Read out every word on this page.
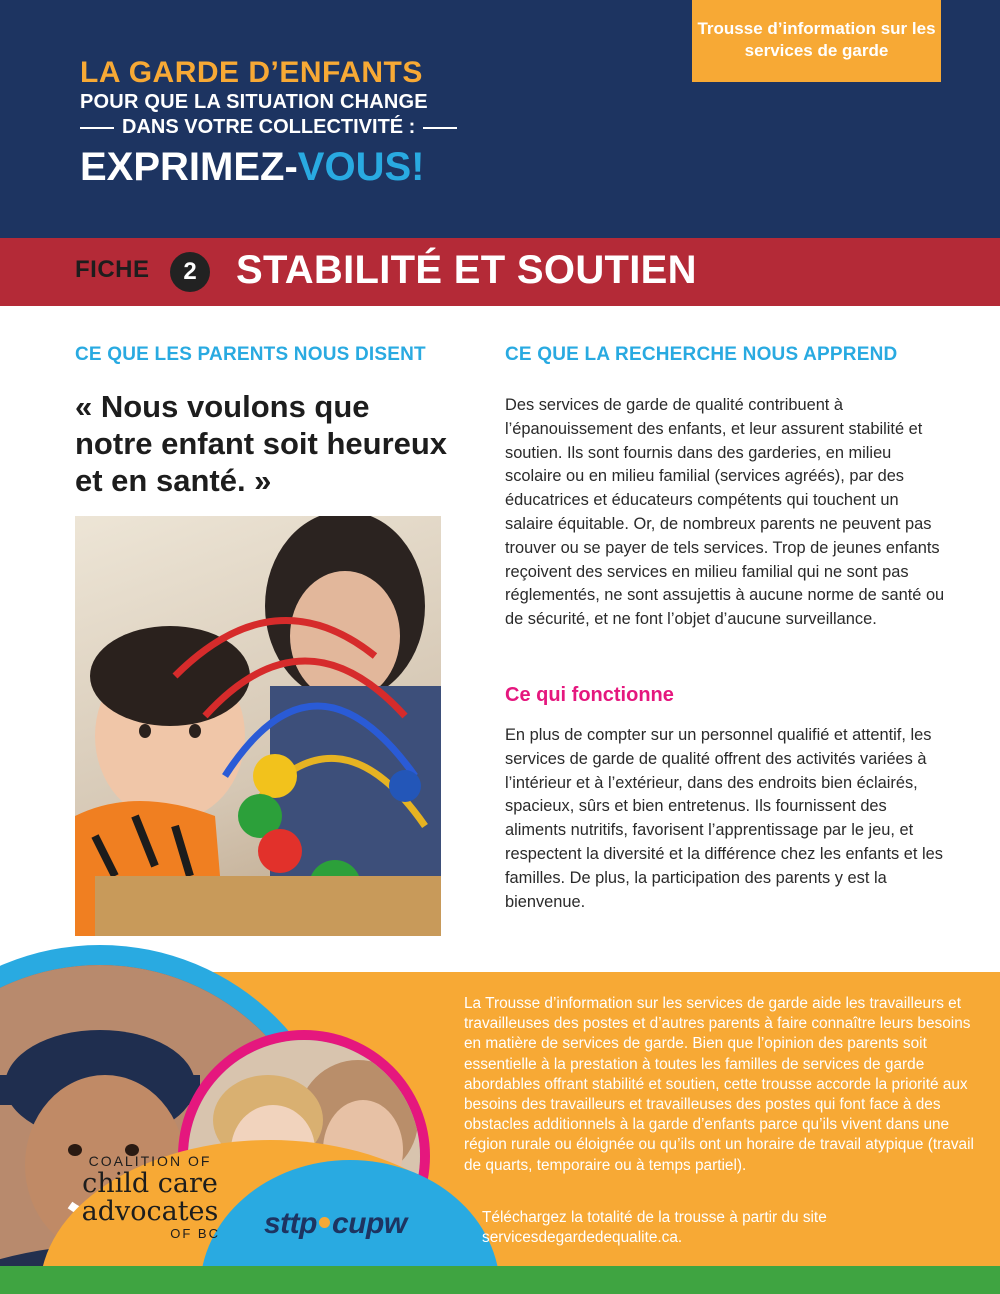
Trousse d’information sur les services de garde
LA GARDE D’ENFANTS
POUR QUE LA SITUATION CHANGE
DANS VOTRE COLLECTIVITÉ :
EXPRIMEZ-VOUS!
FICHE	2 STABILITÉ ET SOUTIEN
CE QUE LES PARENTS NOUS DISENT
« Nous voulons que notre enfant soit heureux et en santé. »
CE QUE LA RECHERCHE NOUS APPREND
Des services de garde de qualité contribuent à l’épanouissement des enfants, et leur assurent stabilité et soutien. Ils sont fournis dans des garderies, en milieu scolaire ou en milieu familial (services agréés), par des éducatrices et éducateurs compétents qui touchent un salaire équitable. Or, de nombreux parents ne peuvent pas trouver ou se payer de tels services. Trop de jeunes enfants reçoivent des services en milieu familial qui ne sont pas réglementés, ne sont assujettis à aucune norme de santé ou de sécurité, et ne font l’objet d’aucune surveillance.
Ce qui fonctionne
En plus de compter sur un personnel qualifié et attentif, les services de garde de qualité offrent des activités variées à l’intérieur et à l’extérieur, dans des endroits bien éclairés, spacieux, sûrs et bien entretenus. Ils fournissent des aliments nutritifs, favorisent l’apprentissage par le jeu, et respectent la diversité et la différence chez les enfants et les familles. De plus, la participation des parents y est la bienvenue.
COALITION OF
child care
advocates
OF BC sttp cupw
La Trousse d’information sur les services de garde aide les travailleurs et travailleuses des postes et d’autres parents à faire connaître leurs besoins en matière de services de garde. Bien que l’opinion des parents soit essentielle à la prestation à toutes les familles de services de garde abordables offrant stabilité et soutien, cette trousse accorde la priorité aux besoins des travailleurs et travailleuses des postes qui font face à des obstacles additionnels à la garde d’enfants parce qu’ils vivent dans une région rurale ou éloignée ou qu’ils ont un horaire de travail atypique (travail de quarts, temporaire ou à temps partiel).
Téléchargez la totalité de la trousse à partir du site servicesdegardedequalite.ca.
